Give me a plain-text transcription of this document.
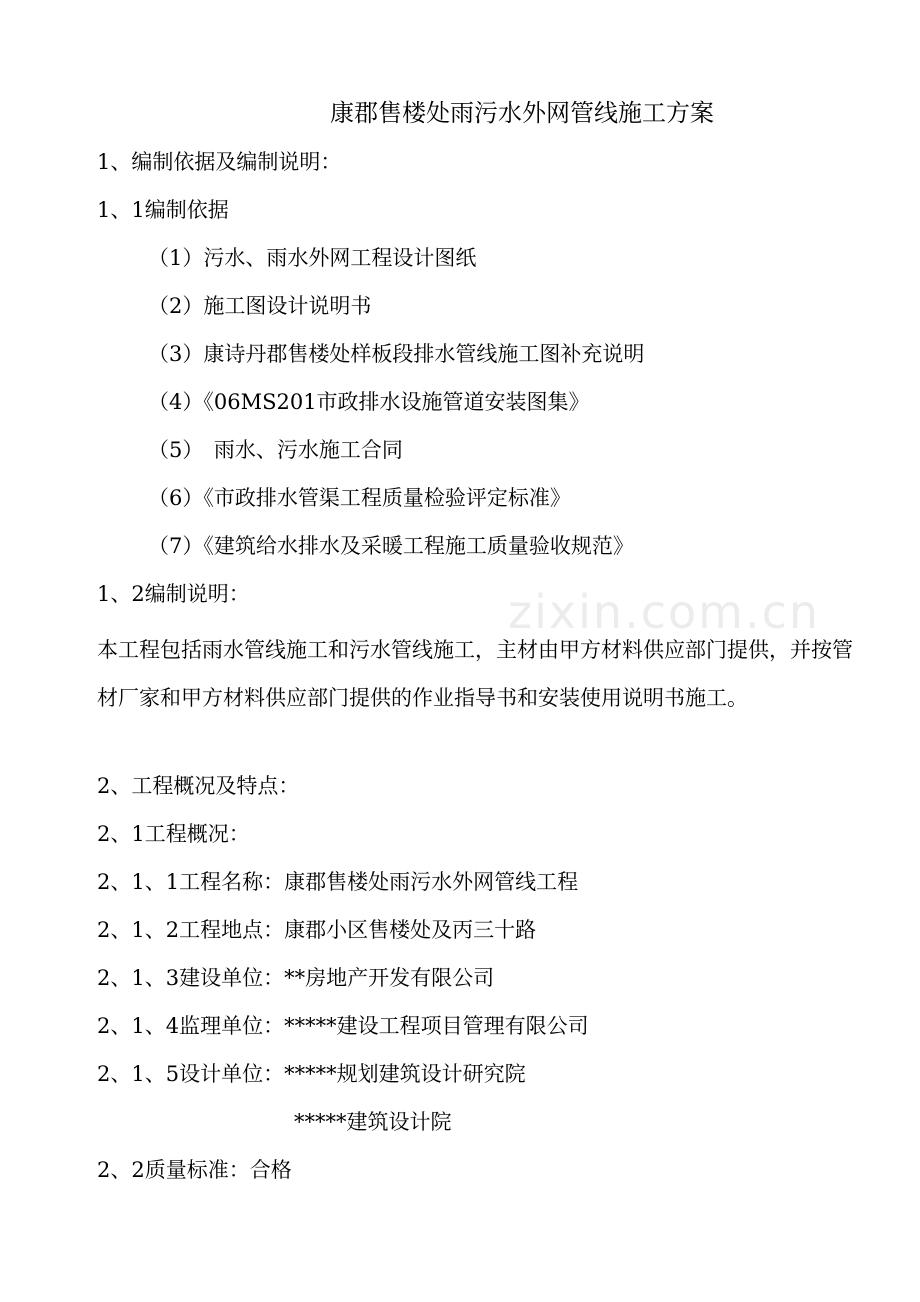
zixin.com.cn
康郡售楼处雨污水外网管线施工方案
1、编制依据及编制说明：
1、1编制依据
（1）污水、雨水外网工程设计图纸
（2）施工图设计说明书
（3）康诗丹郡售楼处样板段排水管线施工图补充说明
（4）《06MS201市政排水设施管道安装图集》
（5）　雨水、污水施工合同
（6）《市政排水管渠工程质量检验评定标准》
（7）《建筑给水排水及采暖工程施工质量验收规范》
1、2编制说明：
本工程包括雨水管线施工和污水管线施工，主材由甲方材料供应部门提供，并按管材厂家和甲方材料供应部门提供的作业指导书和安装使用说明书施工。
2、工程概况及特点：
2、1工程概况：
2、1、1工程名称：康郡售楼处雨污水外网管线工程
2、1、2工程地点：康郡小区售楼处及丙三十路
2、1、3建设单位：**房地产开发有限公司
2、1、4监理单位：*****建设工程项目管理有限公司
2、1、5设计单位：*****规划建筑设计研究院
*****建筑设计院
2、2质量标准：合格
